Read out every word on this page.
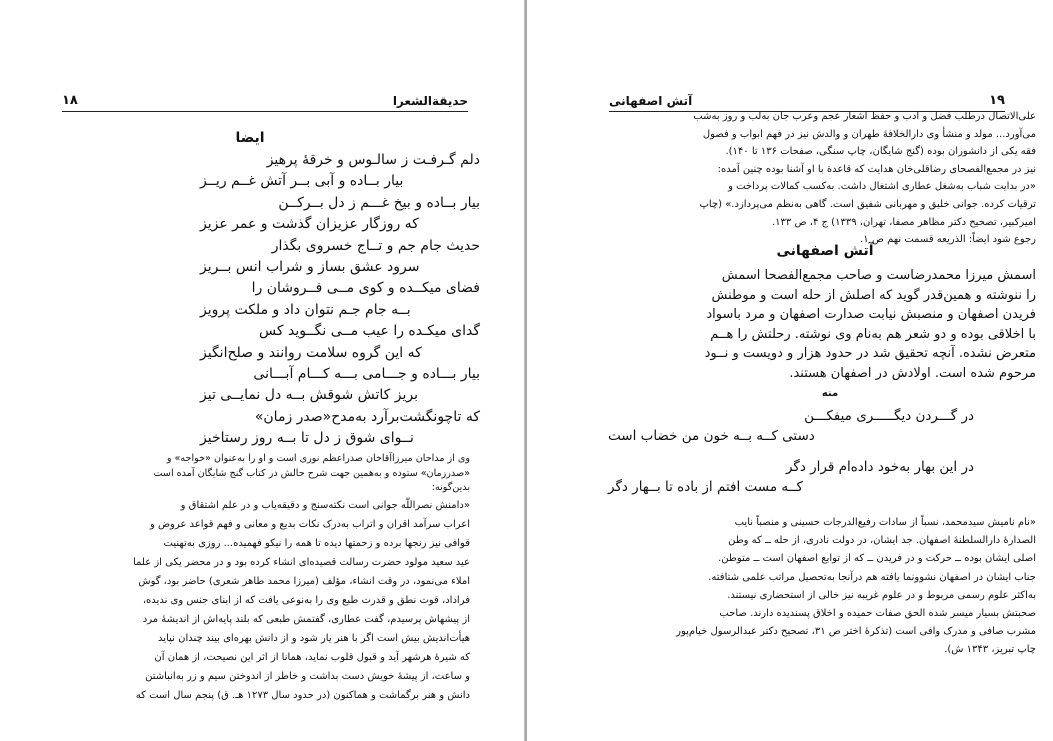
حدیقة‌الشعرا
۱۸
ایضا
دلم گـرفـت ز سالـوس و خرقهٔ پرهیز
بیار بــاده و آبی بــر آتش غــم ریــز
بیار بــاده و بیخ غـــم ز دل بــرکــن
که روزگار عزیزان گذشت و عمر عزیز
حدیث جام جم و تــاج خسروی بگذار
سرود عشق بساز و شراب انس بــریز
فضای میکــده و کوی مــی فــروشان را
بــه جام جـم نتوان داد و ملکت پرویز
گدای میکـده را عیب مــی نگــوید کس
که این گروه سلامت روانند و صلح‌انگیز
بیار بـــاده و جـــامی بـــه کـــام آبـــانی
بریز کاتش شوقش بــه دل نمایــی تیز
که تاچونگشت‌برآرد به‌مدح«صدر زمان»
نــوای شوق ز دل تا بــه روز رستاخیز
وی از مداحان میرزاآقاخان صدراعظم نوری است و او را به‌عنوان «خواجه» و
«صدرزمان» ستوده و به‌همین جهت شرح حالش در کتاب گنج شایگان آمده است
بدین‌گونه:
«دامنش نصراللّه جوانی است نکته‌سنج و دقیقه‌یاب و در علم اشتقاق و
اعراب سرآمد اقران و اتراب به‌درک نکات بدیع و معانی و فهم قواعد عروض و
قوافی نیز رنجها برده و زحمتها دیده تا همه را نیکو فهمیده... روزی به‌تهنیت
عید سعید مولود حضرت رسالت قصیده‌ای انشاء کرده بود و در محضر یکی از علما
املاء می‌نمود، در وقت انشاء، مؤلف (میرزا محمد طاهر شعری) حاضر بود، گوش
فراداد، قوت نطق و قدرت طبع وی را به‌نوعی یافت که از ابنای جنس وی ندیده،
از پیشهاش پرسیدم، گفت عطاری، گفتمش طبعی که بلند پایه‌اش از اندیشهٔ مرد
هیأت‌اندیش بیش است اگر با هنر یار شود و از دانش بهره‌ای بیند چندان نپاید
که شیرهٔ هرشهر آید و قبول قلوب نماید، همانا از اثر این نصیحت، از همان آن
و ساعت، از پیشهٔ خویش دست بداشت و خاطر از اندوختن سیم و زر به‌انباشتن
دانش و هنر برگماشت و هماکنون (در حدود سال ۱۲۷۳ هـ. ق) پنجم سال است که
۱۹
آتش اصفهانی
علی‌الاتصال درطلب فضل و ادب و حفظ اشعار عجم وعرب جان به‌لب و روز به‌شب
می‌آورد... مولد و منشأ وی دارالخلافهٔ طهران و والدش نیز در فهم ابواب و فصول
فقه یکی از دانشوران بوده (گنج شایگان، چاپ سنگی، صفحات ۱۳۶ تا ۱۴۰).
نیز در مجمع‌الفصحای رضاقلی‌خان هدایت که قاعدة با او آشنا بوده چنین آمده:
«در بدایت شباب به‌شغل عطاری اشتغال داشت. به‌کسب کمالات پرداخت و
ترقیات کرده. جوانی خلیق و مهربانی شفیق است. گاهی به‌نظم می‌پردازد.» (چاپ
امیرکبیر، تصحیح دکتر مظاهر مصفا، تهران، ۱۳۳۹) ج ۴، ص ۱۳۳.
رجوع شود ایضاً: الذریعه قسمت نهم ص ۱.
آتش اصفهانی
اسمش میرزا محمدرضاست و صاحب مجمع‌الفصحا اسمش
را ننوشته و همین‌قدر گوید که اصلش از حله است و موطنش
فریدن اصفهان و منصبش نیابت صدارت اصفهان و مرد باسواد
با اخلاقی بوده و دو شعر هم به‌نام وی نوشته. رحلتش را هــم
متعرض نشده. آنچه تحقیق شد در حدود هزار و دویست و نــود
مرحوم شده است. اولادش در اصفهان هستند.
منه
در گـــردن دیگـــــری میفکـــن
دستی کــه بــه خون من خضاب است
در این بهار به‌خود داده‌ام قرار دگر
کــه مست افتم از باده تا بــهار دگر
«نام ناميش سیدمحمد، نسباً از سادات رفیع‌الدرجات حسینی و منصباً نایب‌
الصدارهٔ دارالسلطنهٔ اصفهان. جد ایشان، در دولت نادری، از حله ــ که وطن
اصلی ایشان بوده ــ حرکت و در فریدن ــ که از توابع اصفهان است ــ متوطن.
جناب ایشان در اصفهان نشوونما یافته هم درآنجا به‌تحصیل مراتب علمی شتافته.
به‌اکثر علوم رسمی مربوط و در علوم غریبه نیز خالی از استحضاری نیستند.
صحبتش بسیار میسر شده الحق صفات حمیده و اخلاق پسندیده دارند. صاحب
مشرب صافی و مدرک وافی است (تذکرهٔ اختر ص ۳۱، تصحیح دکتر عبدالرسول خیام‌پور
چاپ تبریز، ۱۳۴۳ ش).
